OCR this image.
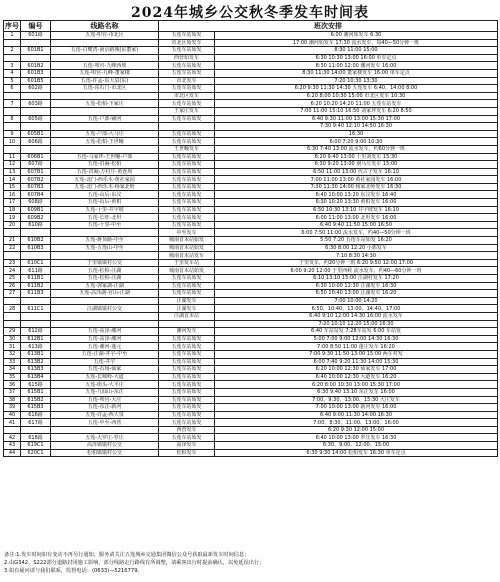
2024年城乡公交秋冬季发车时间表
序号	编号	线路名称	班次安排	
1	601路	五莲-叩官-市北区	五莲车站始发	6:00 潮河始发车 6:30
			市北区始发车	17:00 潮河始发车 17:30 流水发车，每40—50分钟一班
2	601B1	五莲-白鹭湾-南京路城(东董家)	五莲车站始发	8:30 11:00 15:00
			西营始发车	6:30 10:30 13:00 16:00 单车定点
3	601B2	五莲-叩官-九峰西坡	五莲车站始发	8:30 11:00 12:00 潮河发车 16:00
4	601B3	五莲-叩官-九峰-董家楼	五莲车站始发	8:30 11:30 14:00 董家楼发车 16:00 单车定点
5	601B5	五莲-许孟-东大泉(东)	市北发车	7:20 10:30 13:30
6	602路	五莲-东石门-市北区	五莲车站始发	6:20 9:30 11:30 14:30 五莲发车 6:40，14:00 8:00
			市北区发车	6:20 8:00 10:30 15:00 市北区发车 10:30
7	603路	五莲-松柏-王家庄	五莲车站始发	6:20 10:20 14:20 11:00 五莲车站发车
			王家庄发车	7:00 11:00 15:10 16:50 刘家坪发车 6:20 8:50
8	605路	五莲-户部-铺河	五莲车站始发	6:40 9:30 11:00 13:00 15:30 17:00
				7:30 9:40 12:10 14:50 16:30
9	605B1	五莲-户部-大马庄	五莲车站始发	16:30
10	606路	五莲-松柏-王世疃	五莲车站始发	6:00 7:20 9:00 10:30
			王世疃发车	6:30 7:40 13:00 流水发车，约60分钟一班
11	606B1	五莲-马家坪-王世疃-户部	五莲车站始发	6:20 9:40 13:00 十里刘发车 15:30
12	607路	五莲-洪凝-松柏	五莲车站始发	6:30 9:20 13:00 南马庄发车 15:00
13	607B1	五莲-洪凝-万村庄-黄连坝	五莲车站始发	6:50 11:00 13:00 代古子发车 16:10
14	607B2	五莲-北门-西乐木-黄社家园	五莲车站始发	7:00 11:00 13:00 黄社家园发车 16:00
15	607B3	五莲-北门-西乐木-杨家北岭	五莲车站始发	7:30 11:30 14:00 杨家北岭发车 16:30
16	607B4	五莲-山后-东汶	五莲车站始发	6:40 10:00 13:20 东汶发车 16:40
17	608路	五莲-山后-黄柏	五莲车站始发	6:30 10:20 13:30 黄柏发车 16:00
18	609B1	五莲-十里-井宇坡	五莲车站始发	6:50 10:30 13:10 井宇坡发车 16:10
19	609B2	五莲-长旺-北坦	五莲车站始发	6:00 11:00 13:00 北坦发车 16:00
20	610路	五莲-十里-中至	五莲车站始发	6:40 9:40 11:50 15:00 16:50
			中至发车	6:00 7:50 11:00 流水发车，约40—50分钟一班
21	610B2	五莲-蒋顶路-中至	城南首末站始发	5:50 7:20 五莲车站始发 16:20
22	610B3	五莲-五莲山-中至	城南首末站始发	6:30 8:00 12:20 小郭发车
			城南首末站发车	7:10 8:30 14:30
23	610C1	于里镇镇村公交	于里发车站	于里发车，约20分钟一班 6:20 9:50 12:00 17:00
24	611路	五莲-松柏-汪湖	城南首末站始发	6:00 9:20 12:00 于里西候 流水发车，约40—60分钟一班
25	611B1	五莲-松柏-汪湖	五莲车站始发	6:10 13:10 15:00 汪湖村发车 17:20
26	611B2	五莲-郭家湖-汪湖	五莲车站始发	6:30 10:00 12:30 汪湖发车 16:30
27	611B3	五莲-高泽湖-官山-汪湖	五莲车站始发	6:50 10:40 13:00 汪湖发车 16:20
			汪湖发车	7:00 10:00 14:20
28	611C1	汪湖镇镇村公交	汪湖发车	6:50、10:40、13:00、14:40、17:00
			汪湖首末站	6:40 9:10 12:00 14:30 16:00 流水发车
				7:20 10:10 12:20 15:00 16:30
29	612路	五莲-高泽-潮河	潮河发车	6:40 车站站发 7:28车站发 6:00 车站发
30	612B1	五莲-高泽-潮河	五莲车站始发	5:00 7:00 9:00 12:00 14:30 16:30
31	613路	五莲-潮河-蓬元	五莲车站始发	7:00 8:50 11:00 蓬庄发车 16:20
32	613B1	五莲-汪湖-井宇-中至	五莲车站始发	7:00 9:30 11:50 13:00 15:00 两车对发
33	613B2	五莲-井宇	五莲车站始发	6:00 7:40 9:20 11:30 14:00 15:30
34	613B3	五莲-石场-仙家	五莲车站始发	6:20 10:00 12:30 仙家发车 17:00
35	613B4	五莲-长城岭-大道	五莲车站始发	6:40 10:00 12:30 大道发车 16:20
36	615路	五莲-街头-大平庄	五莲车站始发	6:20 8:00 10:30 13:00 15:30 17:00
37	615B1	五莲-九仙山-东汪	五莲车站始发	6:30 9:40 13:10 东汪发车 16:00
38	615B2	五莲-叩官-大庄	五莲车站始发	7:00、9:30、13:00、15:30 大庄发车
39	615B3	五莲-东汪-新河	五莲车站始发	7:00 10:00 13:00 新河发车 16:00
40	616路	五莲-许孟-西大泉	五莲车站始发	6:40 9:00 11:30 14:00 16:30
41	617路	五莲-中至-西营	五莲车站始发	7:00、8:30、11:00、13:00、16:00
			西营发车	6:20 9:30 12:00 15:00
42	618路	五莲-大罗庄-罗庄	五莲车站始发	6:40 10:00 13:00 罗庄发车 16:30
43	619C1	高泽镇镇村公交	高泽发车	6:30、9:00、12:00、15:00
44	620C1	松柏镇镇村公交	松柏发车	6:30 9:30 14:00 松柏发车 16:30 单车定点
备注:1.发车时间如有变动不再另行通知，服务请关注五莲城乡交通集团微信公众号获取最新发车时间信息；
2.由G342、S222部分道路封闭施工影响，部分线路走行路线有所调整，请乘客出行时提前确认，以免延误出行；
3.如有疑问请与我们联系，监督电话：(0633)—5216779。
